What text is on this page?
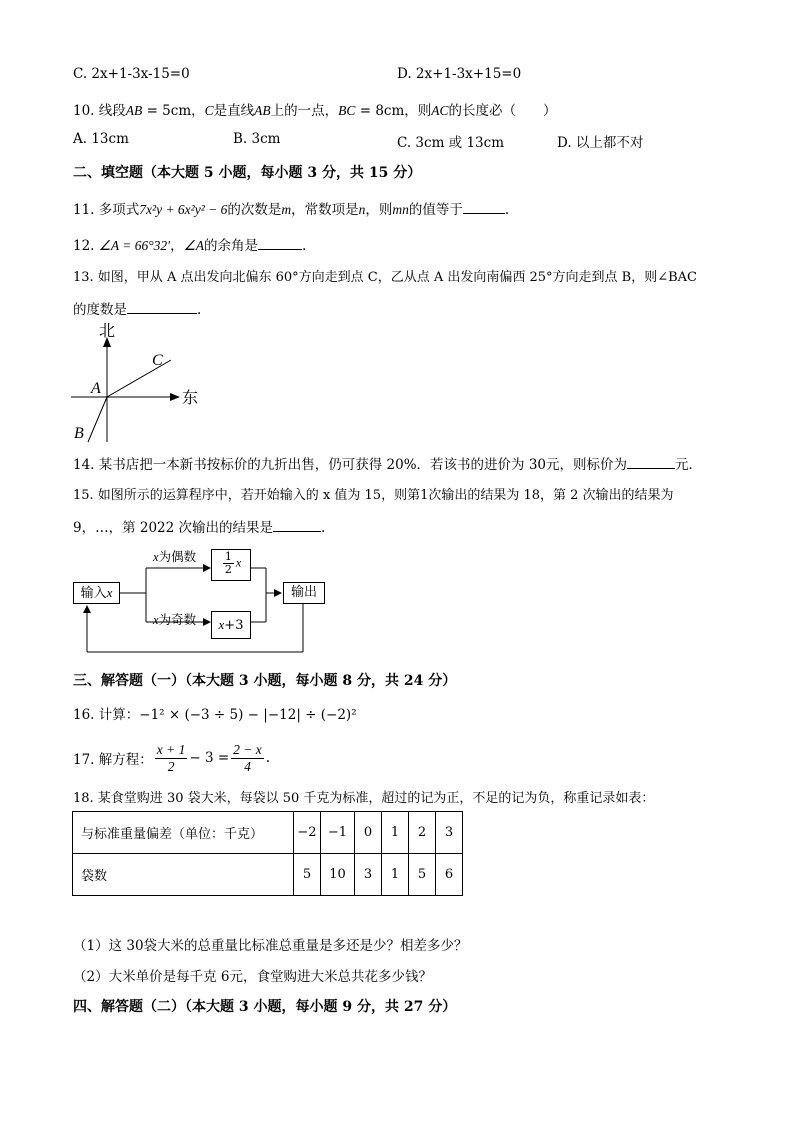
C. 2x+1-3x-15=0	D. 2x+1-3x+15=0
10. 线段AB = 5cm，C是直线AB上的一点，BC = 8cm，则AC的长度必（　　）
A. 13cm	B. 3cm	C. 3cm 或 13cm	D. 以上都不对
二、填空题（本大题 5 小题，每小题 3 分，共 15 分）
11. 多项式7x²y + 6x²y² − 6的次数是m，常数项是n，则mn的值等于	.
12. ∠A = 66°32′，∠A的余角是	.
13. 如图，甲从 A 点出发向北偏东 60°方向走到点 C，乙从点 A 出发向南偏西 25°方向走到点 B，则∠BAC
的度数是	.
北
东
A
C
B
14. 某书店把一本新书按标价的九折出售，仍可获得 20%．若该书的进价为 30元，则标价为	元．
15. 如图所示的运算程序中，若开始输入的 x 值为 15，则第1次输出的结果为 18，第 2 次输出的结果为
9，…，第 2022 次输出的结果是	.
输入x
x为偶数
x为奇数
$\frac{1}{2}$ x
x+3
输出
三、解答题（一）（本大题 3 小题，每小题 8 分，共 24 分）
16. 计算：−1² × (−3 ÷ 5) − |−12| ÷ (−2)²
17. 解方程： $\frac{x + 1}{2} - 3 = \frac{2 - x}{4}$ .
18. 某食堂购进 30 袋大米，每袋以 50 千克为标准，超过的记为正，不足的记为负，称重记录如表：
与标准重量偏差（单位：千克）	−2	−1	0	1	2	3
袋数	5	10	3	1	5	6
（1）这 30袋大米的总重量比标准总重量是多还是少？相差多少？
（2）大米单价是每千克 6元，食堂购进大米总共花多少钱？
四、解答题（二）（本大题 3 小题，每小题 9 分，共 27 分）
